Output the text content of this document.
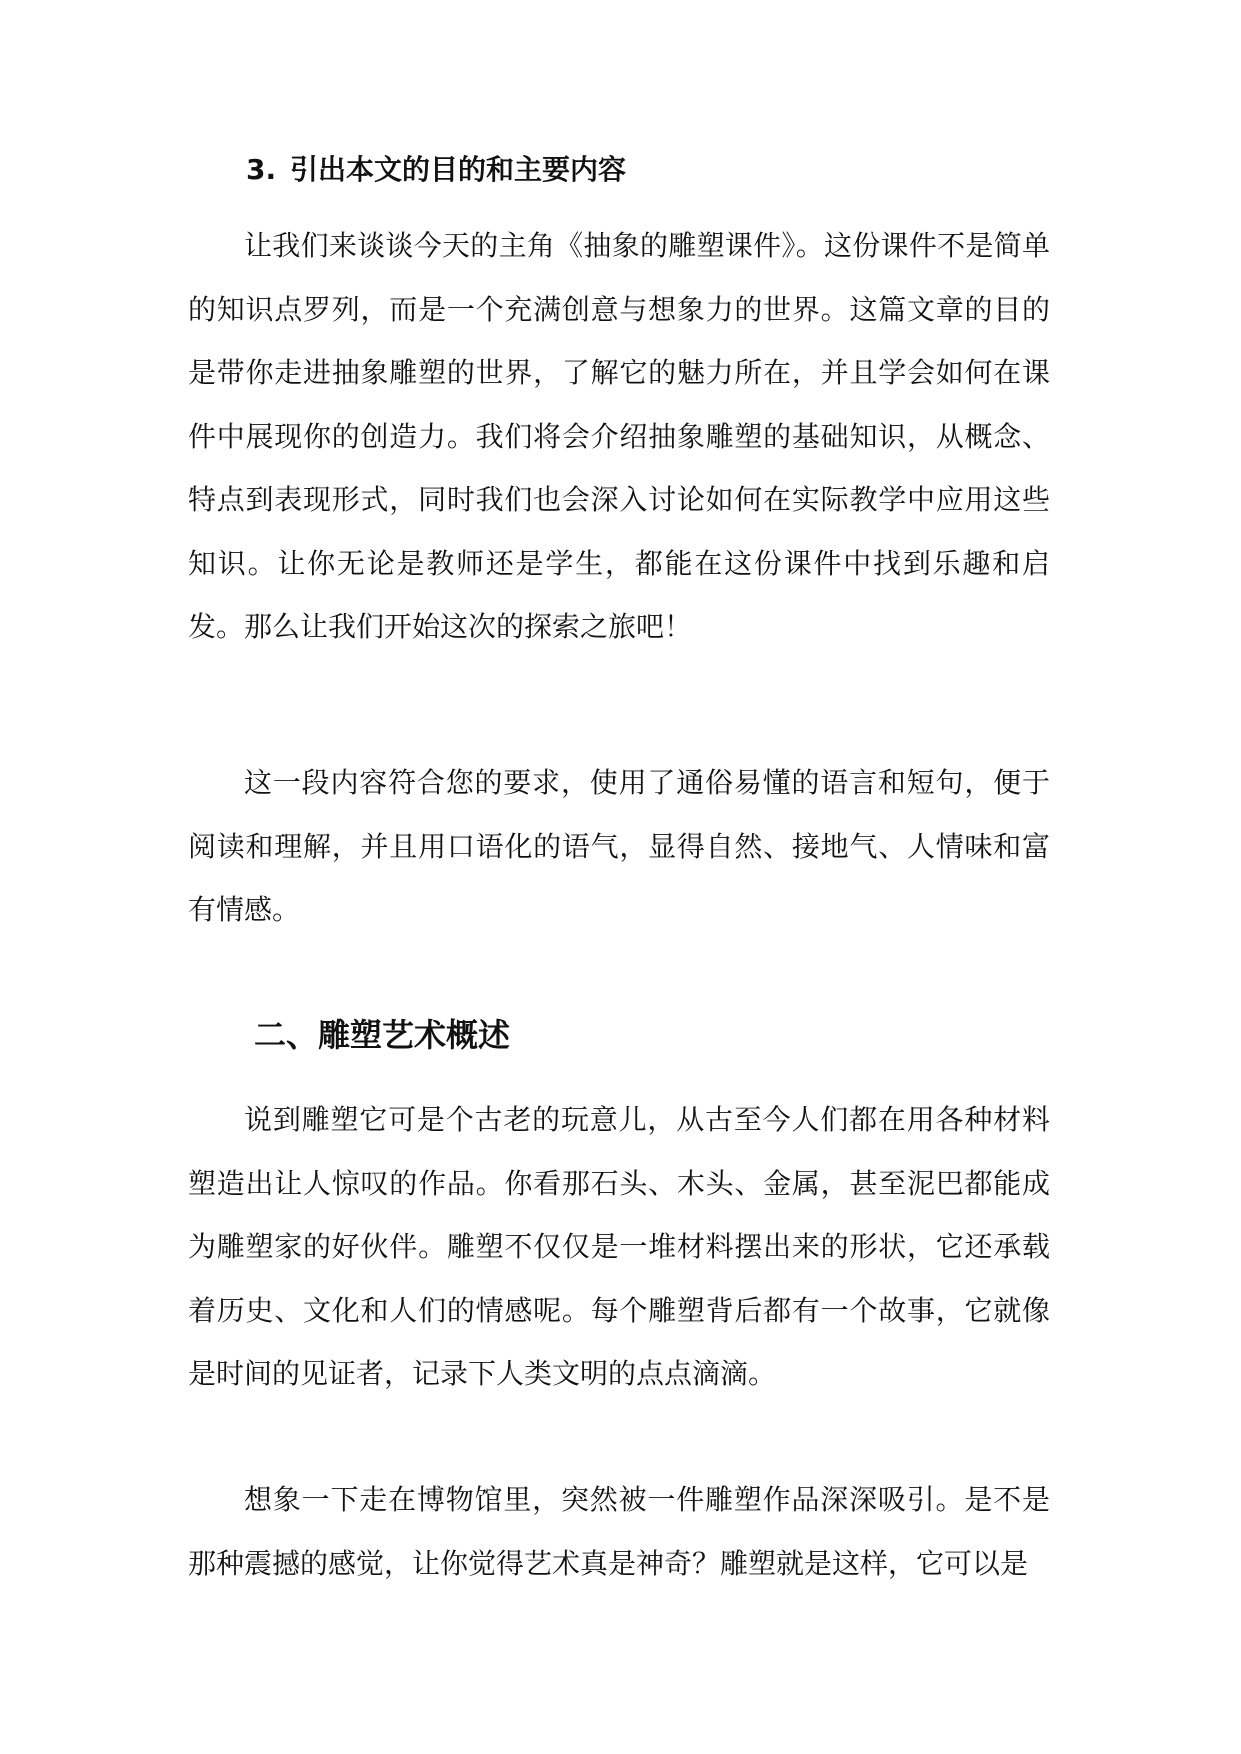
3. 引出本文的目的和主要内容

让我们来谈谈今天的主角《抽象的雕塑课件》。这份课件不是简单的知识点罗列，而是一个充满创意与想象力的世界。这篇文章的目的是带你走进抽象雕塑的世界，了解它的魅力所在，并且学会如何在课件中展现你的创造力。我们将会介绍抽象雕塑的基础知识，从概念、特点到表现形式，同时我们也会深入讨论如何在实际教学中应用这些知识。让你无论是教师还是学生，都能在这份课件中找到乐趣和启发。那么让我们开始这次的探索之旅吧！

这一段内容符合您的要求，使用了通俗易懂的语言和短句，便于阅读和理解，并且用口语化的语气，显得自然、接地气、人情味和富有情感。

二、雕塑艺术概述

说到雕塑它可是个古老的玩意儿，从古至今人们都在用各种材料塑造出让人惊叹的作品。你看那石头、木头、金属，甚至泥巴都能成为雕塑家的好伙伴。雕塑不仅仅是一堆材料摆出来的形状，它还承载着历史、文化和人们的情感呢。每个雕塑背后都有一个故事，它就像是时间的见证者，记录下人类文明的点点滴滴。

想象一下走在博物馆里，突然被一件雕塑作品深深吸引。是不是那种震撼的感觉，让你觉得艺术真是神奇？雕塑就是这样，它可以是
